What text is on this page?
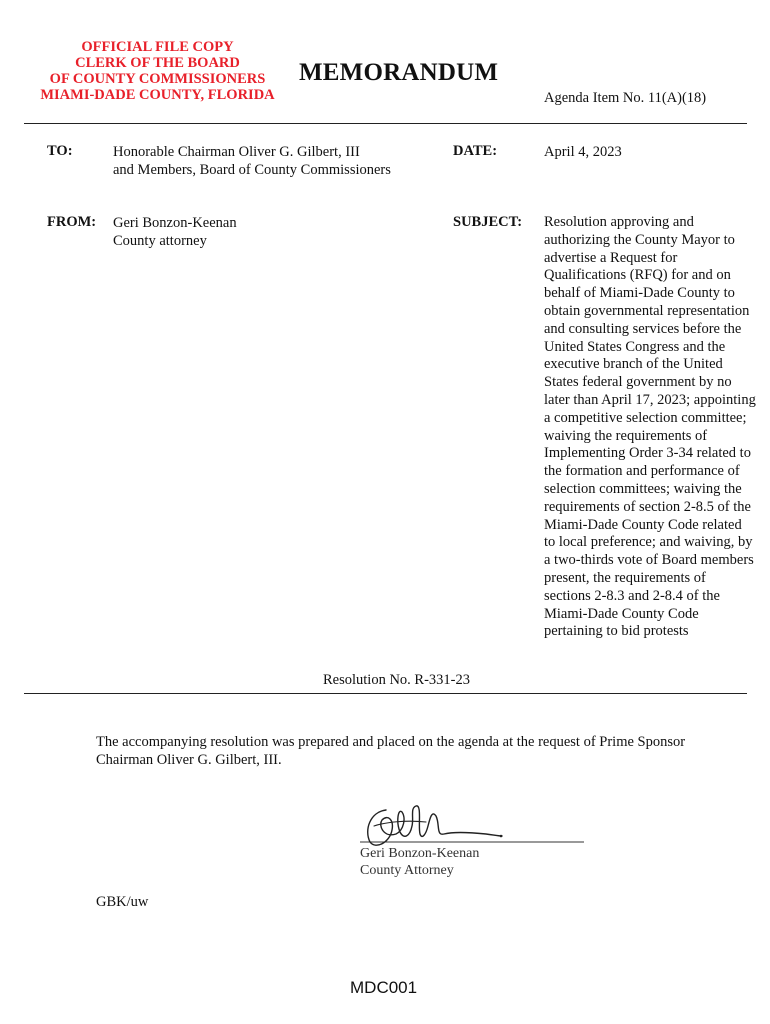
OFFICIAL FILE COPY
CLERK OF THE BOARD
OF COUNTY COMMISSIONERS
MIAMI-DADE COUNTY, FLORIDA
MEMORANDUM
Agenda Item No. 11(A)(18)
TO:	Honorable Chairman Oliver G. Gilbert, III
and Members, Board of County Commissioners
DATE:	April 4, 2023
FROM: Geri Bonzon-Keenan
County attorney
SUBJECT: Resolution approving and authorizing the County Mayor to advertise a Request for Qualifications (RFQ) for and on behalf of Miami-Dade County to obtain governmental representation and consulting services before the United States Congress and the executive branch of the United States federal government by no later than April 17, 2023; appointing a competitive selection committee; waiving the requirements of Implementing Order 3-34 related to the formation and performance of selection committees; waiving the requirements of section 2-8.5 of the Miami-Dade County Code related to local preference; and waiving, by a two-thirds vote of Board members present, the requirements of sections 2-8.3 and 2-8.4 of the Miami-Dade County Code pertaining to bid protests
Resolution No. R-331-23
The accompanying resolution was prepared and placed on the agenda at the request of Prime Sponsor
Chairman Oliver G. Gilbert, III.
Geri Bonzon-Keenan
County Attorney
GBK/uw
MDC001
